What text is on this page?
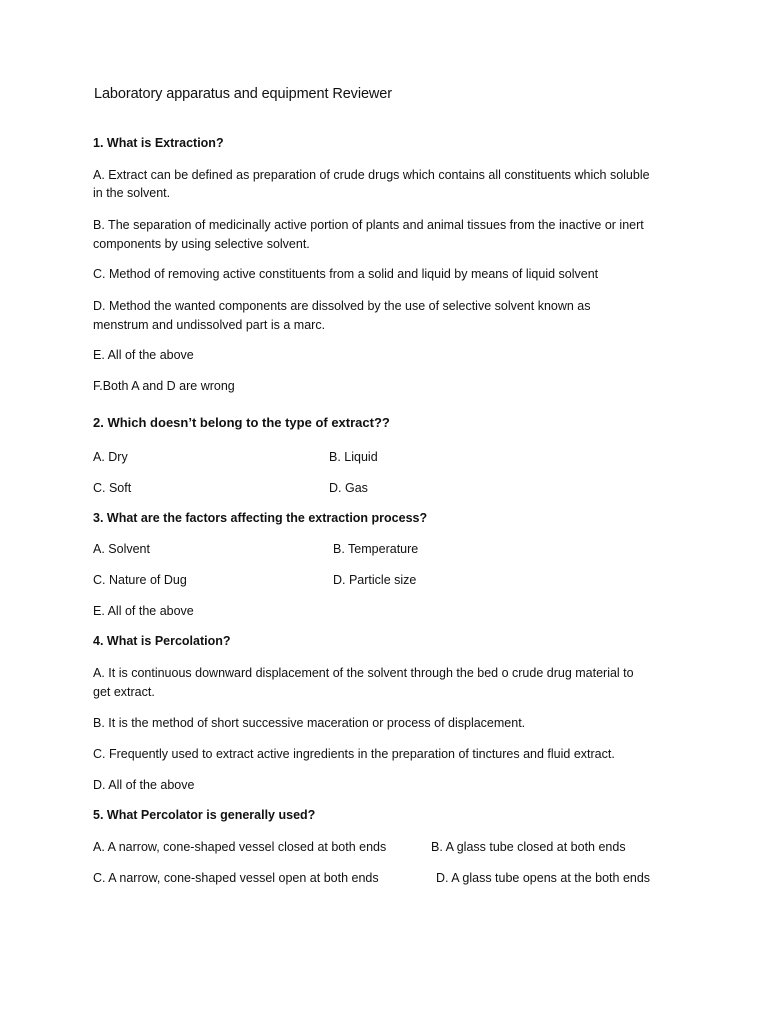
Laboratory apparatus and equipment Reviewer
1. What is Extraction?
A. Extract can be defined as preparation of crude drugs which contains all constituents which soluble
in the solvent.
B. The separation of medicinally active portion of plants and animal tissues from the inactive or inert
components by using selective solvent.
C. Method of removing active constituents from a solid and liquid by means of liquid solvent
D. Method the wanted components are dissolved by the use of selective solvent known as
menstrum and undissolved part is a marc.
E. All of the above
F.Both A and D are wrong
2. Which doesn’t belong to the type of extract??
A. Dry	B. Liquid
C. Soft	D. Gas
3. What are the factors affecting the extraction process?
A. Solvent	B. Temperature
C. Nature of Dug	D. Particle size
E. All of the above
4. What is Percolation?
A. It is continuous downward displacement of the solvent through the bed o crude drug material to
get extract.
B. It is the method of short successive maceration or process of displacement.
C. Frequently used to extract active ingredients in the preparation of tinctures and fluid extract.
D. All of the above
5. What Percolator is generally used?
A. A narrow, cone-shaped vessel closed at both ends	B. A glass tube closed at both ends
C. A narrow, cone-shaped vessel open at both ends	D. A glass tube opens at the both ends
